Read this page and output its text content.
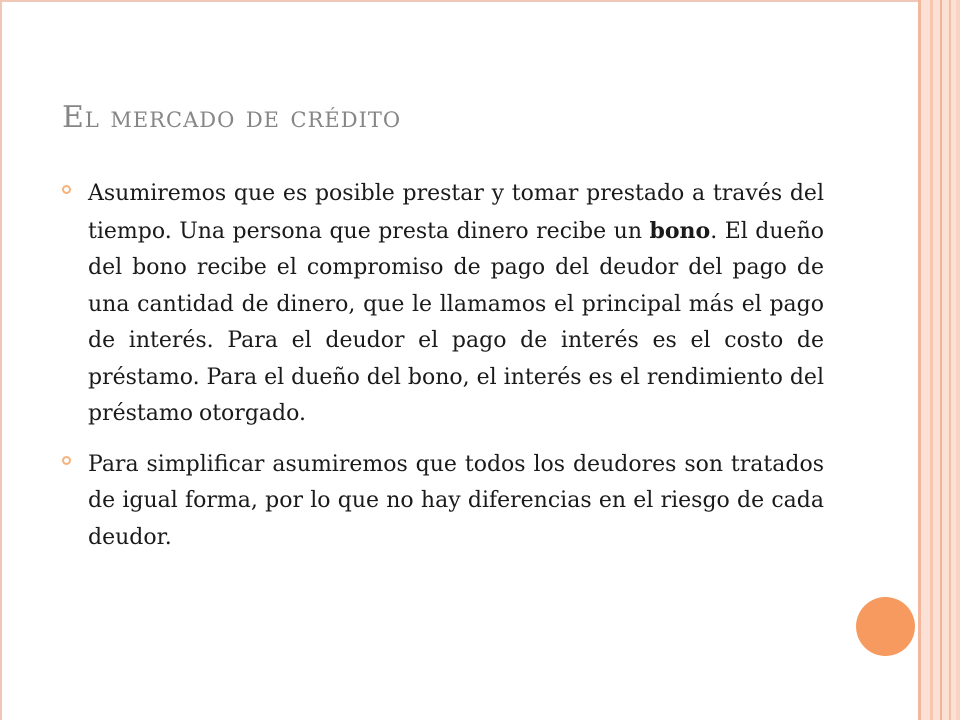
El mercado de crédito

Asumiremos que es posible prestar y tomar prestado a través del tiempo. Una persona que presta dinero recibe un bono. El dueño del bono recibe el compromiso de pago del deudor del pago de una cantidad de dinero, que le llamamos el principal más el pago de interés. Para el deudor el pago de interés es el costo de préstamo. Para el dueño del bono, el interés es el rendimiento del préstamo otorgado.

Para simplificar asumiremos que todos los deudores son tratados de igual forma, por lo que no hay diferencias en el riesgo de cada deudor.
